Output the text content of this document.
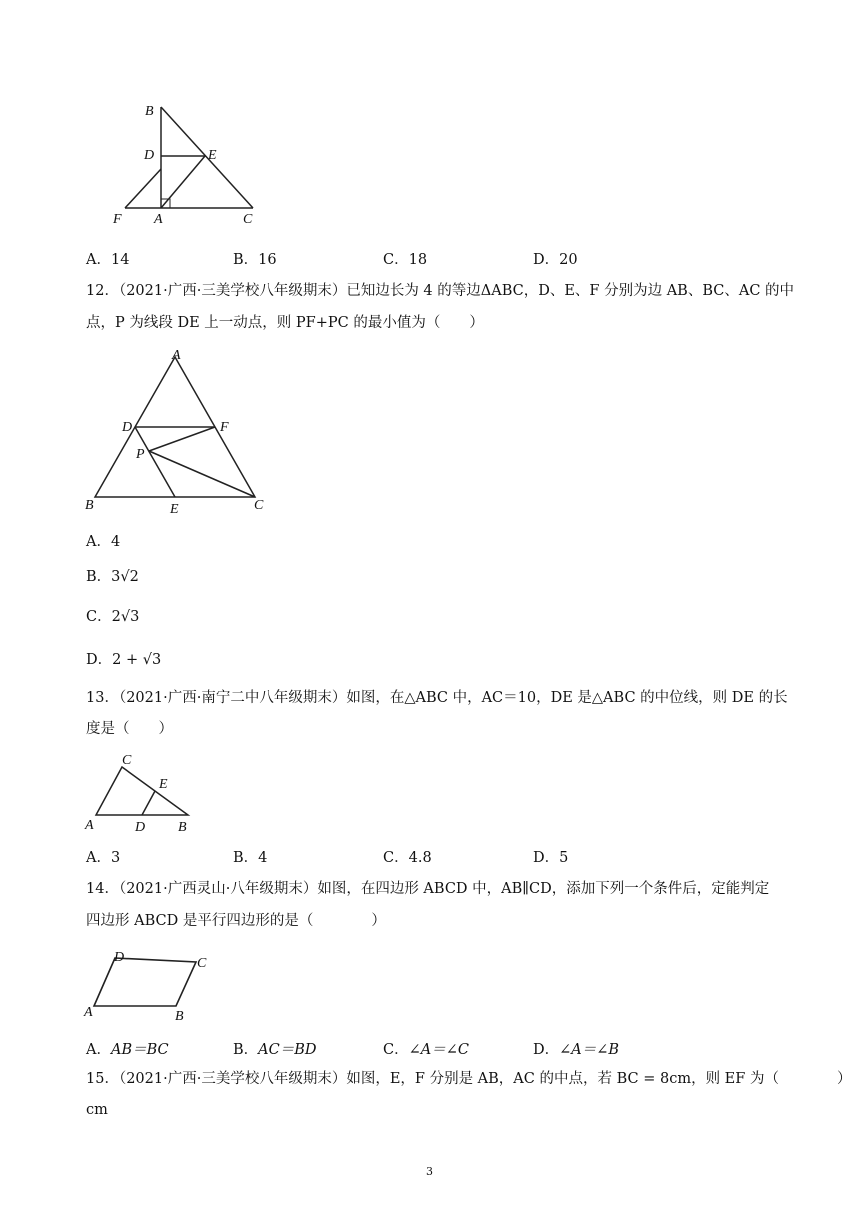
B
D	E
F A	C
A．14	B．16	C．18	D．20
12．（2021·广西·三美学校八年级期末）已知边长为 4 的等边ΔABC，D、E、F 分别为边 AB、BC、AC 的中
点，P 为线段 DE 上一动点，则 PF+PC 的最小值为（　　）
A
D	F
P
B	E	C
A．4
B．3√2
C．2√3
D．2 + √3
13．（2021·广西·南宁二中八年级期末）如图，在△ABC 中，AC＝10，DE 是△ABC 的中位线，则 DE 的长
度是（　　）
C
E
A	D B
A．3	B．4	C．4.8	D．5
14．（2021·广西灵山·八年级期末）如图，在四边形 ABCD 中，AB∥CD，添加下列一个条件后，定能判定
四边形 ABCD 是平行四边形的是（　　　　）
D	C
A	B
A．AB＝BC	B．AC＝BD	C．∠A＝∠C	D．∠A＝∠B
15．（2021·广西·三美学校八年级期末）如图，E，F 分别是 AB，AC 的中点，若 BC = 8cm，则 EF 为（　　　　）
cm
3
